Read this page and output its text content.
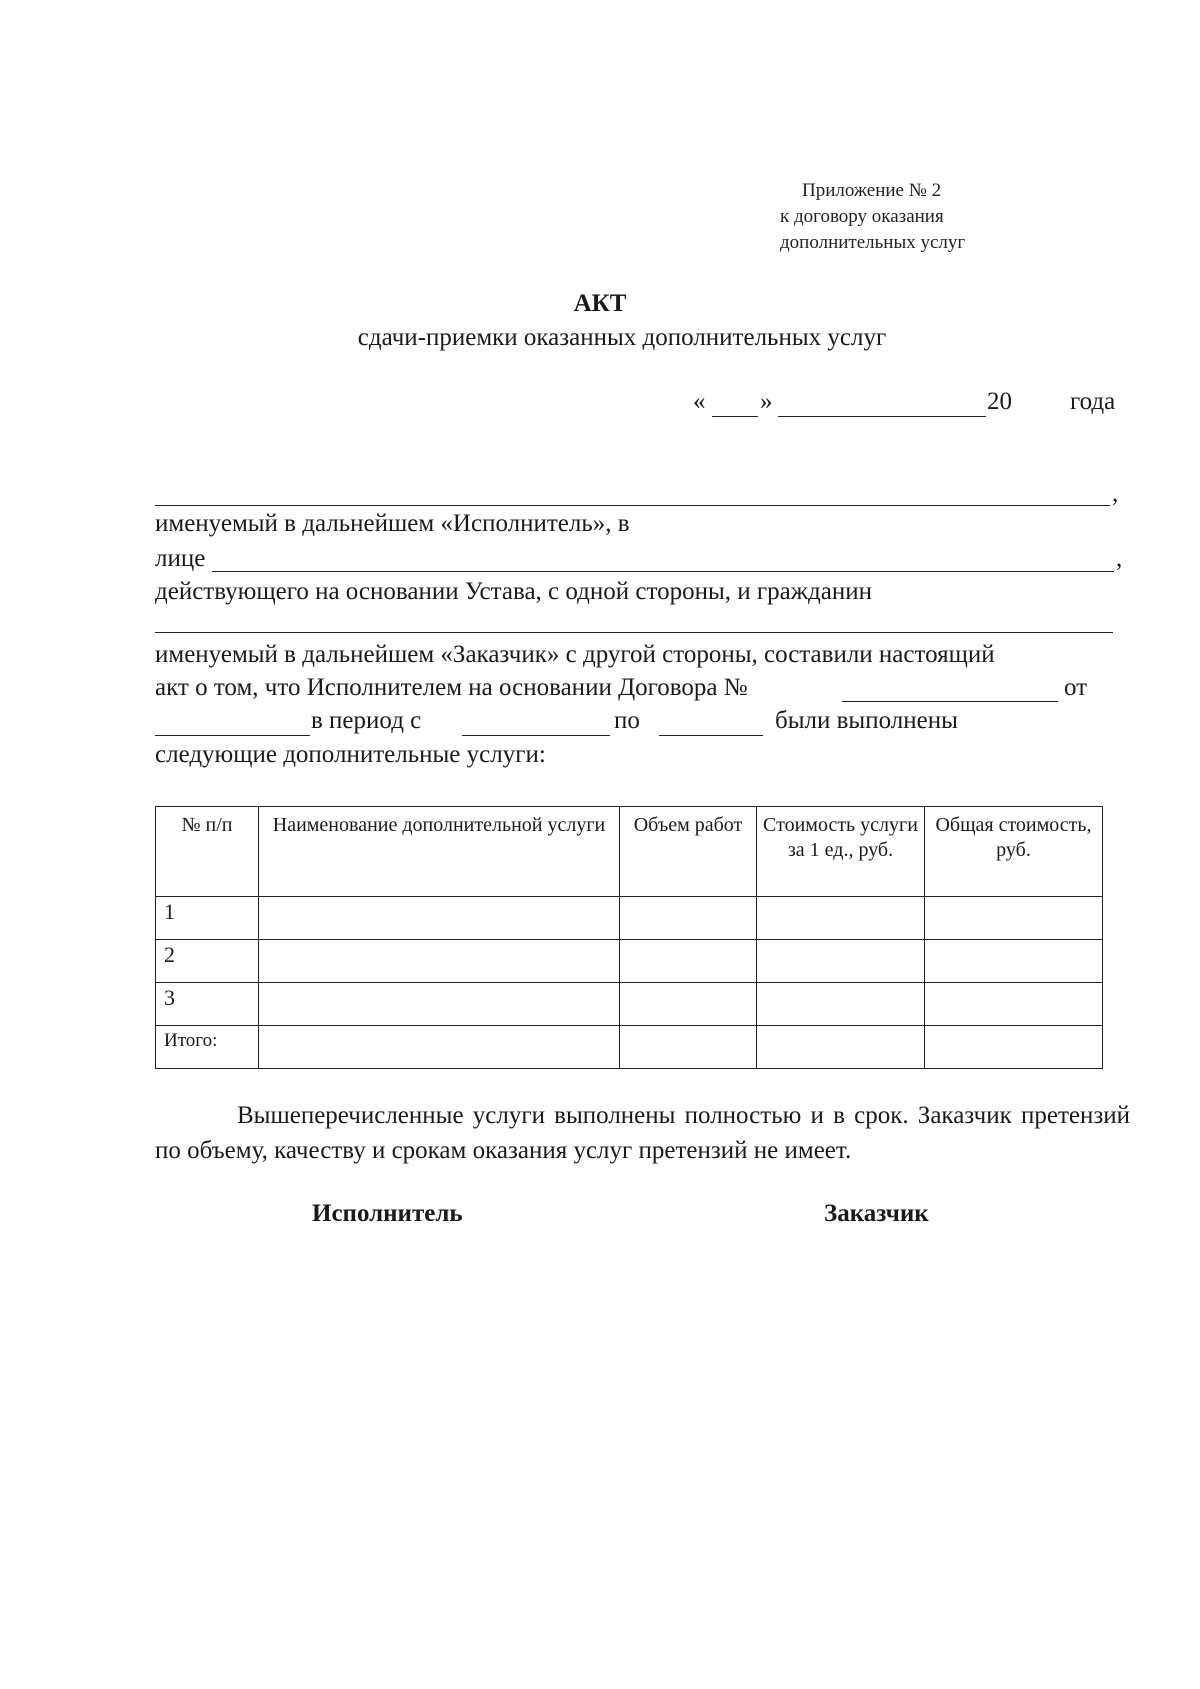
Приложение № 2
к договору оказания
дополнительных услуг
АКТ
сдачи-приемки оказанных дополнительных услуг
« »	20 года
,
именуемый в дальнейшем «Исполнитель», в
лице	,
действующего на основании Устава, с одной стороны, и гражданин
именуемый в дальнейшем «Заказчик» с другой стороны, составили настоящий
акт о том, что Исполнителем на основании Договора №	от
в период с	по	были выполнены
следующие дополнительные услуги:
№ п/п	Наименование дополнительной услуги	Объем работ	Стоимость услуги за 1 ед., руб.	Общая стоимость, руб.
1				
2				
3				
Итого:				
Вышеперечисленные услуги выполнены полностью и в срок. Заказчик претензий по объему, качеству и срокам оказания услуг претензий не имеет.
Исполнитель	Заказчик
